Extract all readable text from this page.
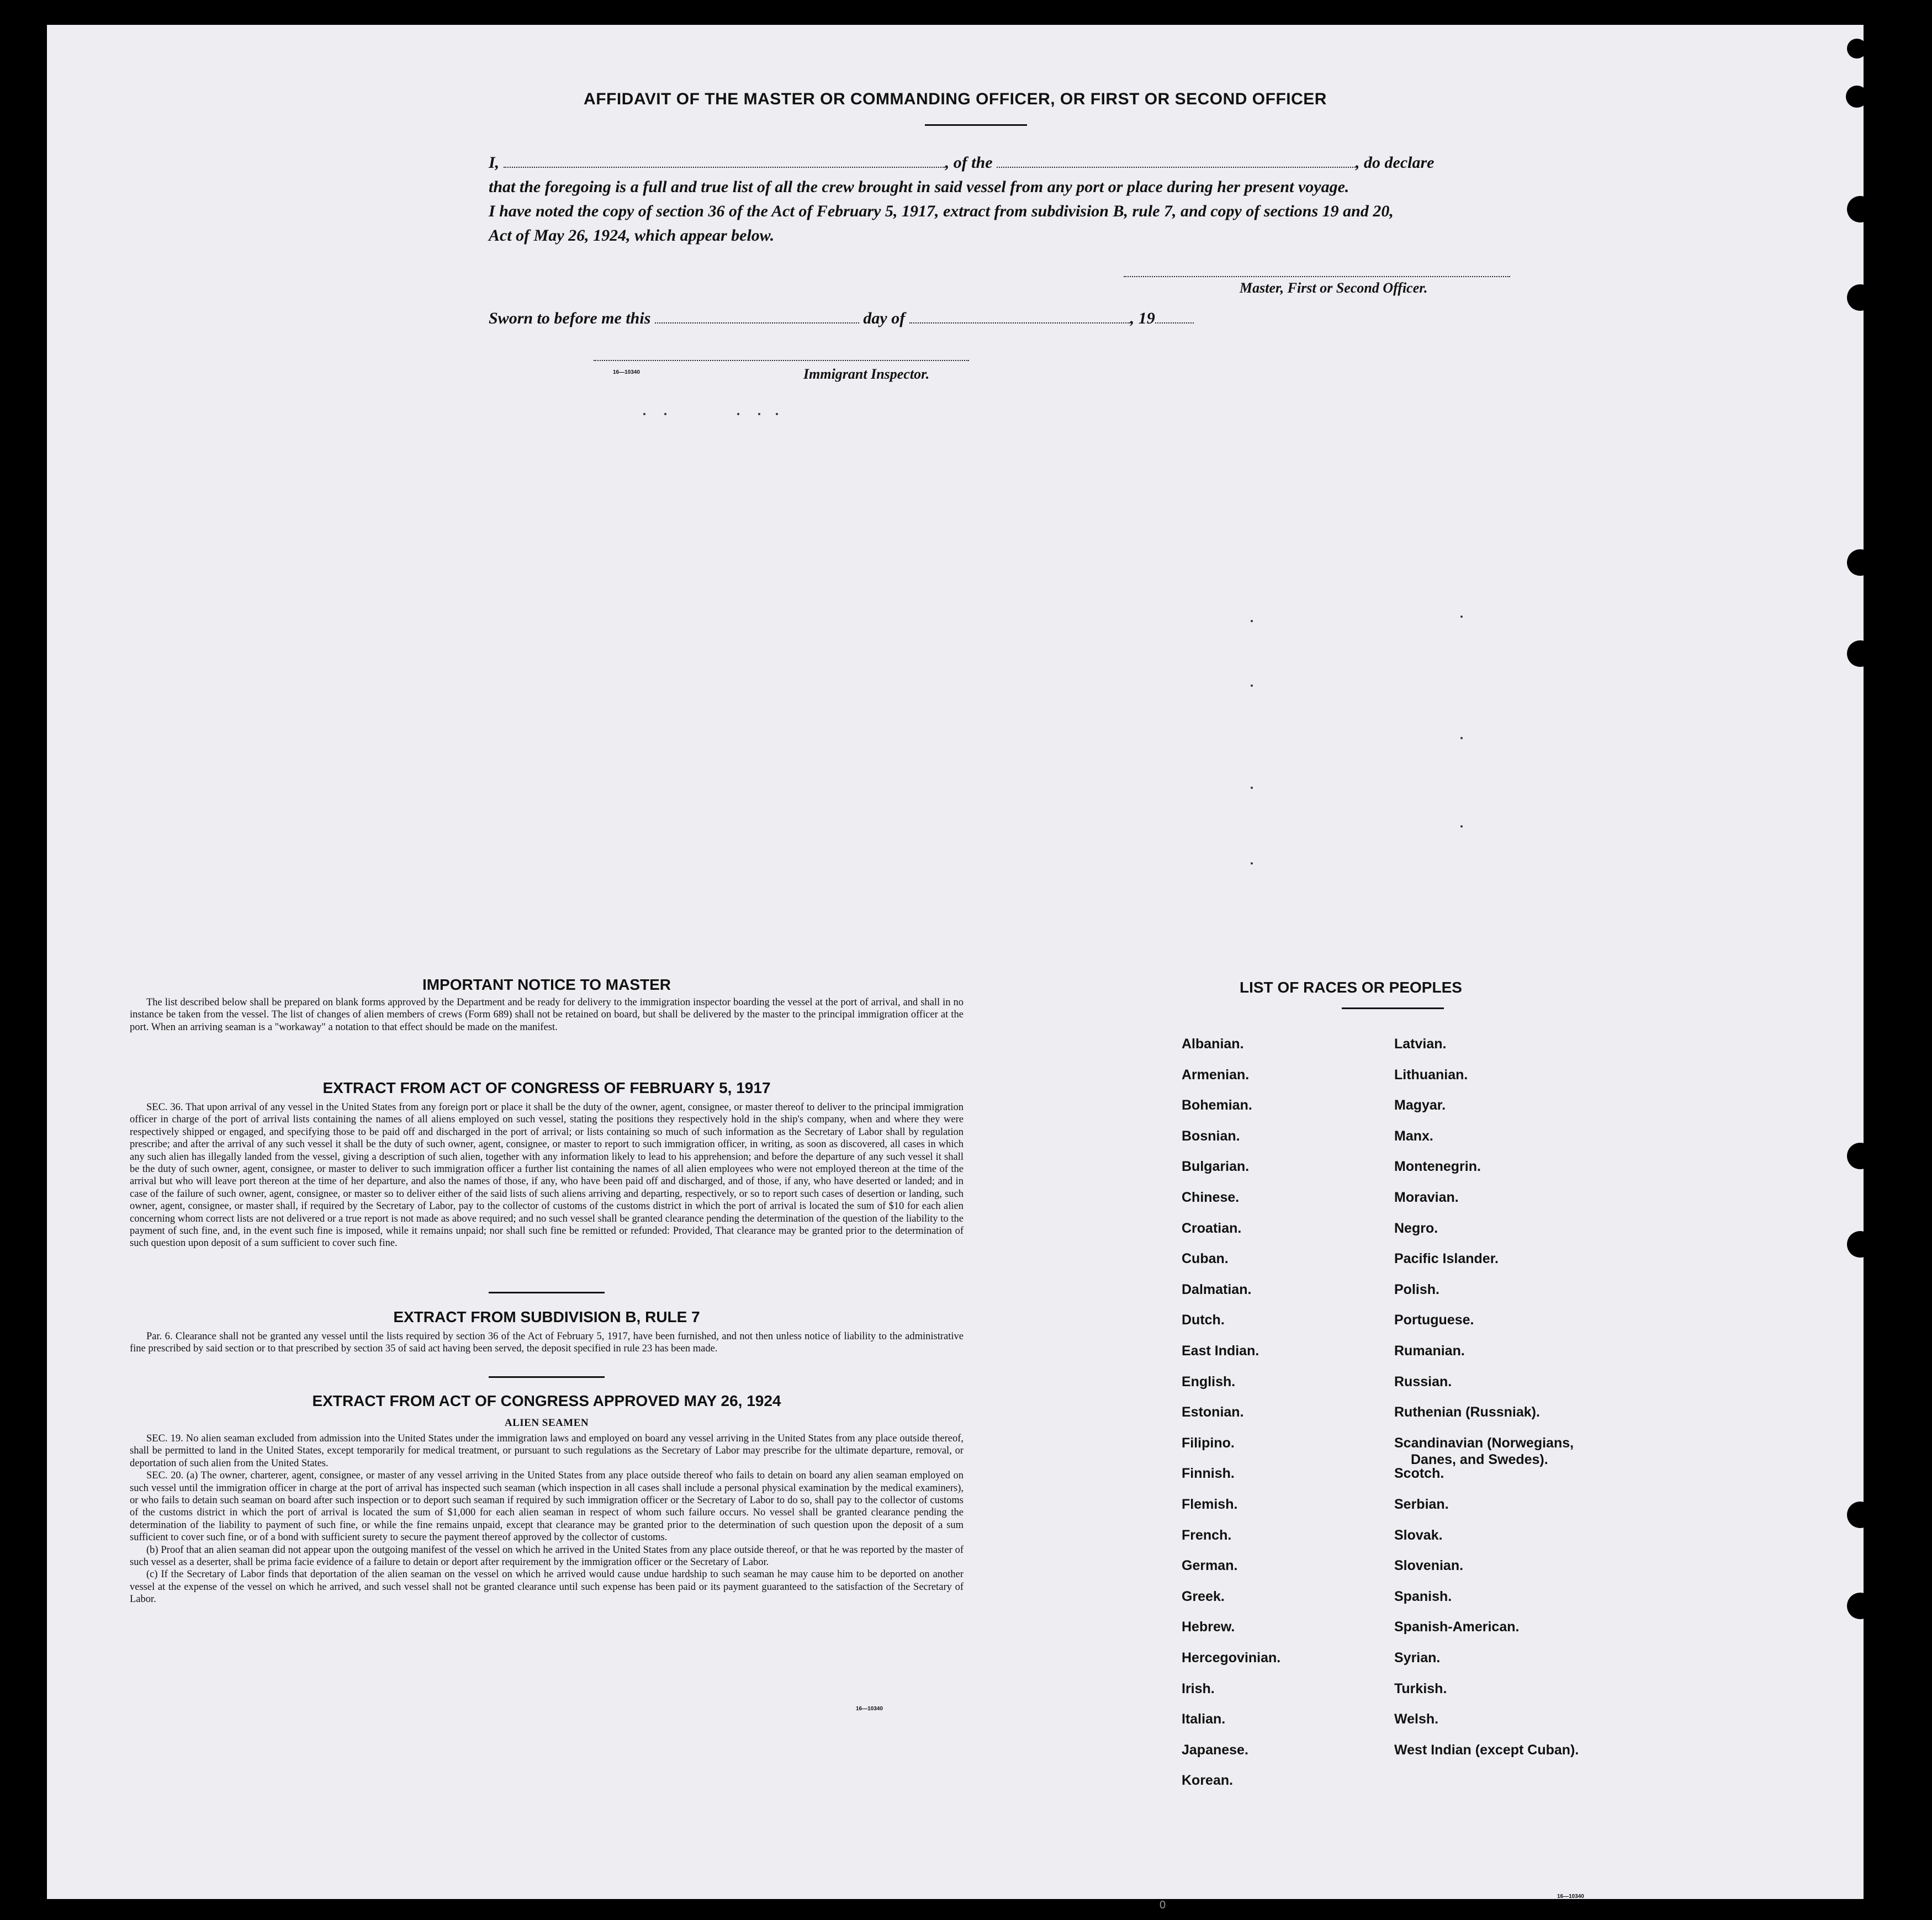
AFFIDAVIT OF THE MASTER OR COMMANDING OFFICER, OR FIRST OR SECOND OFFICER
I,	, of the	, do declare
that the foregoing is a full and true list of all the crew brought in said vessel from any port or place during her present voyage.
I have noted the copy of section 36 of the Act of February 5, 1917, extract from subdivision B, rule 7, and copy of sections 19 and 20,
Act of May 26, 1924, which appear below.
Master, First or Second Officer.
Sworn to before me this	day of	, 19
16—10340	Immigrant Inspector.
IMPORTANT NOTICE TO MASTER
The list described below shall be prepared on blank forms approved by the Department and be ready for delivery to the immigration inspector boarding the vessel at the port of arrival, and shall in no instance be taken from the vessel. The list of changes of alien members of crews (Form 689) shall not be retained on board, but shall be delivered by the master to the principal immigration officer at the port. When an arriving seaman is a "workaway" a notation to that effect should be made on the manifest.
EXTRACT FROM ACT OF CONGRESS OF FEBRUARY 5, 1917
SEC. 36. That upon arrival of any vessel in the United States from any foreign port or place it shall be the duty of the owner, agent, consignee, or master thereof to deliver to the principal immigration officer in charge of the port of arrival lists containing the names of all aliens employed on such vessel, stating the positions they respectively hold in the ship's company, when and where they were respectively shipped or engaged, and specifying those to be paid off and discharged in the port of arrival; or lists containing so much of such information as the Secretary of Labor shall by regulation prescribe; and after the arrival of any such vessel it shall be the duty of such owner, agent, consignee, or master to report to such immigration officer, in writing, as soon as discovered, all cases in which any such alien has illegally landed from the vessel, giving a description of such alien, together with any information likely to lead to his apprehension; and before the departure of any such vessel it shall be the duty of such owner, agent, consignee, or master to deliver to such immigration officer a further list containing the names of all alien employees who were not employed thereon at the time of the arrival but who will leave port thereon at the time of her departure, and also the names of those, if any, who have been paid off and discharged, and of those, if any, who have deserted or landed; and in case of the failure of such owner, agent, consignee, or master so to deliver either of the said lists of such aliens arriving and departing, respectively, or so to report such cases of desertion or landing, such owner, agent, consignee, or master shall, if required by the Secretary of Labor, pay to the collector of customs of the customs district in which the port of arrival is located the sum of $10 for each alien concerning whom correct lists are not delivered or a true report is not made as above required; and no such vessel shall be granted clearance pending the determination of the question of the liability to the payment of such fine, and, in the event such fine is imposed, while it remains unpaid; nor shall such fine be remitted or refunded: Provided, That clearance may be granted prior to the determination of such question upon deposit of a sum sufficient to cover such fine.
EXTRACT FROM SUBDIVISION B, RULE 7
Par. 6. Clearance shall not be granted any vessel until the lists required by section 36 of the Act of February 5, 1917, have been furnished, and not then unless notice of liability to the administrative fine prescribed by said section or to that prescribed by section 35 of said act having been served, the deposit specified in rule 23 has been made.
EXTRACT FROM ACT OF CONGRESS APPROVED MAY 26, 1924
ALIEN SEAMEN
SEC. 19. No alien seaman excluded from admission into the United States under the immigration laws and employed on board any vessel arriving in the United States from any place outside thereof, shall be permitted to land in the United States, except temporarily for medical treatment, or pursuant to such regulations as the Secretary of Labor may prescribe for the ultimate departure, removal, or deportation of such alien from the United States.
SEC. 20. (a) The owner, charterer, agent, consignee, or master of any vessel arriving in the United States from any place outside thereof who fails to detain on board any alien seaman employed on such vessel until the immigration officer in charge at the port of arrival has inspected such seaman (which inspection in all cases shall include a personal physical examination by the medical examiners), or who fails to detain such seaman on board after such inspection or to deport such seaman if required by such immigration officer or the Secretary of Labor to do so, shall pay to the collector of customs of the customs district in which the port of arrival is located the sum of $1,000 for each alien seaman in respect of whom such failure occurs. No vessel shall be granted clearance pending the determination of the liability to payment of such fine, or while the fine remains unpaid, except that clearance may be granted prior to the determination of such question upon the deposit of a sum sufficient to cover such fine, or of a bond with sufficient surety to secure the payment thereof approved by the collector of customs.
(b) Proof that an alien seaman did not appear upon the outgoing manifest of the vessel on which he arrived in the United States from any place outside thereof, or that he was reported by the master of such vessel as a deserter, shall be prima facie evidence of a failure to detain or deport after requirement by the immigration officer or the Secretary of Labor.
(c) If the Secretary of Labor finds that deportation of the alien seaman on the vessel on which he arrived would cause undue hardship to such seaman he may cause him to be deported on another vessel at the expense of the vessel on which he arrived, and such vessel shall not be granted clearance until such expense has been paid or its payment guaranteed to the satisfaction of the Secretary of Labor.
16—10340
LIST OF RACES OR PEOPLES
Albanian.
Armenian.
Bohemian.
Bosnian.
Bulgarian.
Chinese.
Croatian.
Cuban.
Dalmatian.
Dutch.
East Indian.
English.
Estonian.
Filipino.
Finnish.
Flemish.
French.
German.
Greek.
Hebrew.
Hercegovinian.
Irish.
Italian.
Japanese.
Korean.
Latvian.
Lithuanian.
Magyar.
Manx.
Montenegrin.
Moravian.
Negro.
Pacific Islander.
Polish.
Portuguese.
Rumanian.
Russian.
Ruthenian (Russniak).
Scandinavian (Norwegians,
Danes, and Swedes).
Scotch.
Serbian.
Slovak.
Slovenian.
Spanish.
Spanish-American.
Syrian.
Turkish.
Welsh.
West Indian (except Cuban).
16—10340
0
